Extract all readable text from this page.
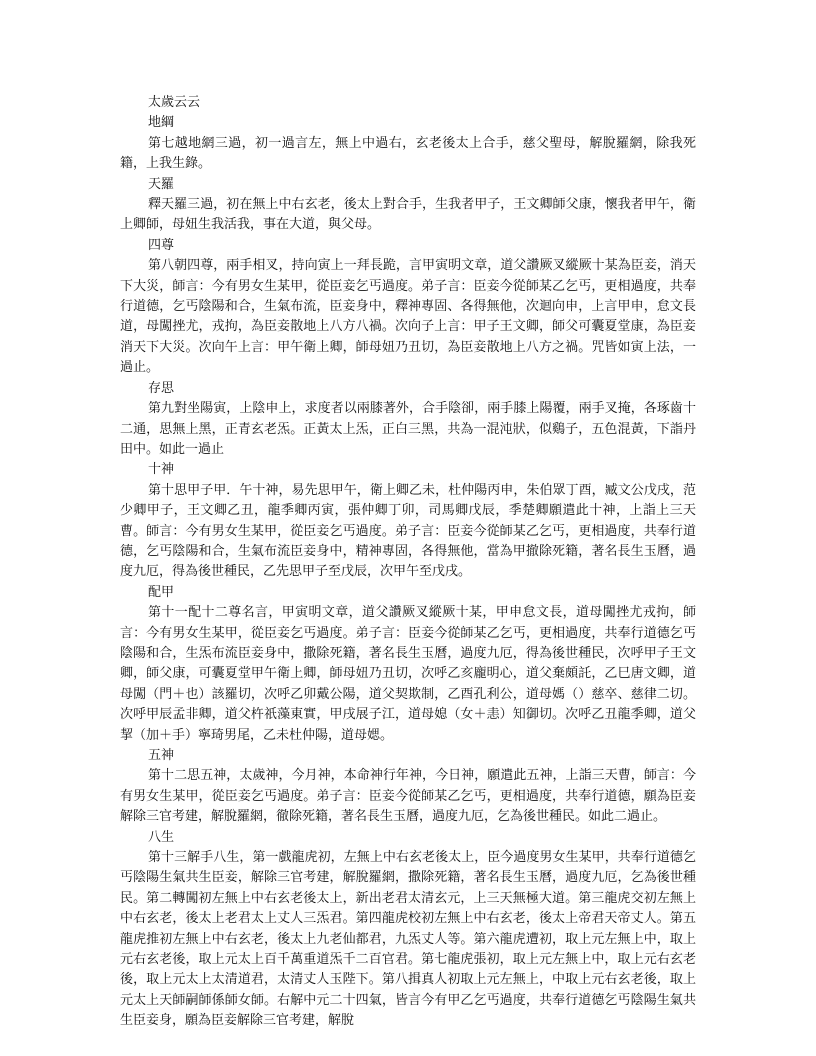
太歲云云

地綱

第七越地網三過，初一過言左，無上中過右，玄老後太上合手，慈父聖母，解脫羅網，除我死籍，上我生錄。

天羅

釋天羅三過，初在無上中右玄老，後太上對合手，生我者甲子，王文卿師父康，懷我者甲午，衛上卿師，母妞生我活我，事在大道，與父母。

四尊

第八朝四尊，兩手相叉，持向寅上一拜長跪，言甲寅明文章，道父讚厥叉縱厥十某為臣妾，消天下大災，師言：今有男女生某甲，從臣妾乞丐過度。弟子言：臣妾今從師某乙乞丐，更相過度，共奉行道德，乞丐陰陽和合，生氣布流，臣妾身中，釋神專固、各得無他，次迴向申，上言甲申，怠文長道，母闖挫尤，戎拘，為臣妾散地上八方八禍。次向子上言：甲子王文卿，師父可囊夏堂康，為臣妾消天下大災。次向午上言：甲午衛上卿，師母妞乃丑切，為臣妾散地上八方之禍。咒皆如寅上法，一過止。

存思

第九對坐陽寅，上陰申上，求度者以兩膝著外，合手陰卻，兩手膝上陽覆，兩手叉掩，各琢齒十二通，思無上黑，正青玄老炁。正黃太上炁，正白三黑，共為一混沌狀，似鷄子，五色混黃，下詣丹田中。如此一過止

十神

第十思甲子甲．午十神，易先思甲午，衛上卿乙未，杜仲陽丙申，朱伯眾丁酉，臧文公戊戌，范少卿甲子，王文卿乙丑，龍季卿丙寅，張仲卿丁卯，司馬卿戊辰，季楚卿願遣此十神，上詣上三天曹。師言：今有男女生某甲，從臣妾乞丐過度。弟子言：臣妾今從師某乙乞丐，更相過度，共奉行道德，乞丐陰陽和合，生氣布流臣妾身中，精神專固，各得無他，當為甲撤除死籍，著名長生玉曆，過度九厄，得為後世種民，乙先思甲子至戊辰，次甲午至戊戌。

配甲

第十一配十二尊名言，甲寅明文章，道父讚厥叉縱厥十某，甲申怠文長，道母闖挫尤戎拘，師言：今有男女生某甲，從臣妾乞丐過度。弟子言：臣妾今從師某乙乞丐，更相過度，共奉行道德乞丐陰陽和合，生炁布流臣妾身中，撒除死籍，著名長生玉曆，過度九厄，得為後世種民，次呼甲子王文卿，師父康，可囊夏堂甲午衛上卿，師母妞乃丑切，次呼乙亥龐明心，道父棄頗託，乙巳唐文卿，道母闖（門＋也）該羅切，次呼乙卯戴公陽，道父契欺制，乙酉孔利公，道母媽（）慈卒、慈律二切。次呼甲辰孟非卿，道父杵祇藻東實，甲戌展子江，道母媳（女＋恚）知御切。次呼乙丑龍季卿，道父挈（加＋手）寧琦男尾，乙未杜仲陽，道母媤。

五神

第十二思五神，太歲神，今月神，本命神行年神，今日神，願遣此五神，上詣三天曹，師言：今有男女生某甲，從臣妾乞丐過度。弟子言：臣妾今從師某乙乞丐，更相過度，共奉行道德，願為臣妾解除三官考建，解脫羅網，徹除死籍，著名長生玉曆，過度九厄，乞為後世種民。如此二過止。

八生

第十三解手八生，第一戲龍虎初，左無上中右玄老後太上，臣今過度男女生某甲，共奉行道德乞丐陰陽生氣共生臣妾，解除三官考建，解脫羅網，撒除死籍，著名長生玉曆，過度九厄，乞為後世種民。第二轉闖初左無上中右玄老後太上，新出老君太清玄元，上三天無極大道。第三龍虎交初左無上中右玄老，後太上老君太上丈人三炁君。第四龍虎校初左無上中右玄老，後太上帝君天帝丈人。第五龍虎推初左無上中右玄老，後太上九老仙都君，九炁丈人等。第六龍虎遭初，取上元左無上中，取上元右玄老後，取上元太上百千萬重道炁千二百官君。第七龍虎張初，取上元左無上中，取上元右玄老後，取上元太上太清道君，太清丈人玉陛下。第八揖真人初取上元左無上，中取上元右玄老後，取上元太上天師嗣師係師女師。右解中元二十四氣，皆言今有甲乙乞丐過度，共奉行道德乞丐陰陽生氣共生臣妾身，願為臣妾解除三官考建，解脫
